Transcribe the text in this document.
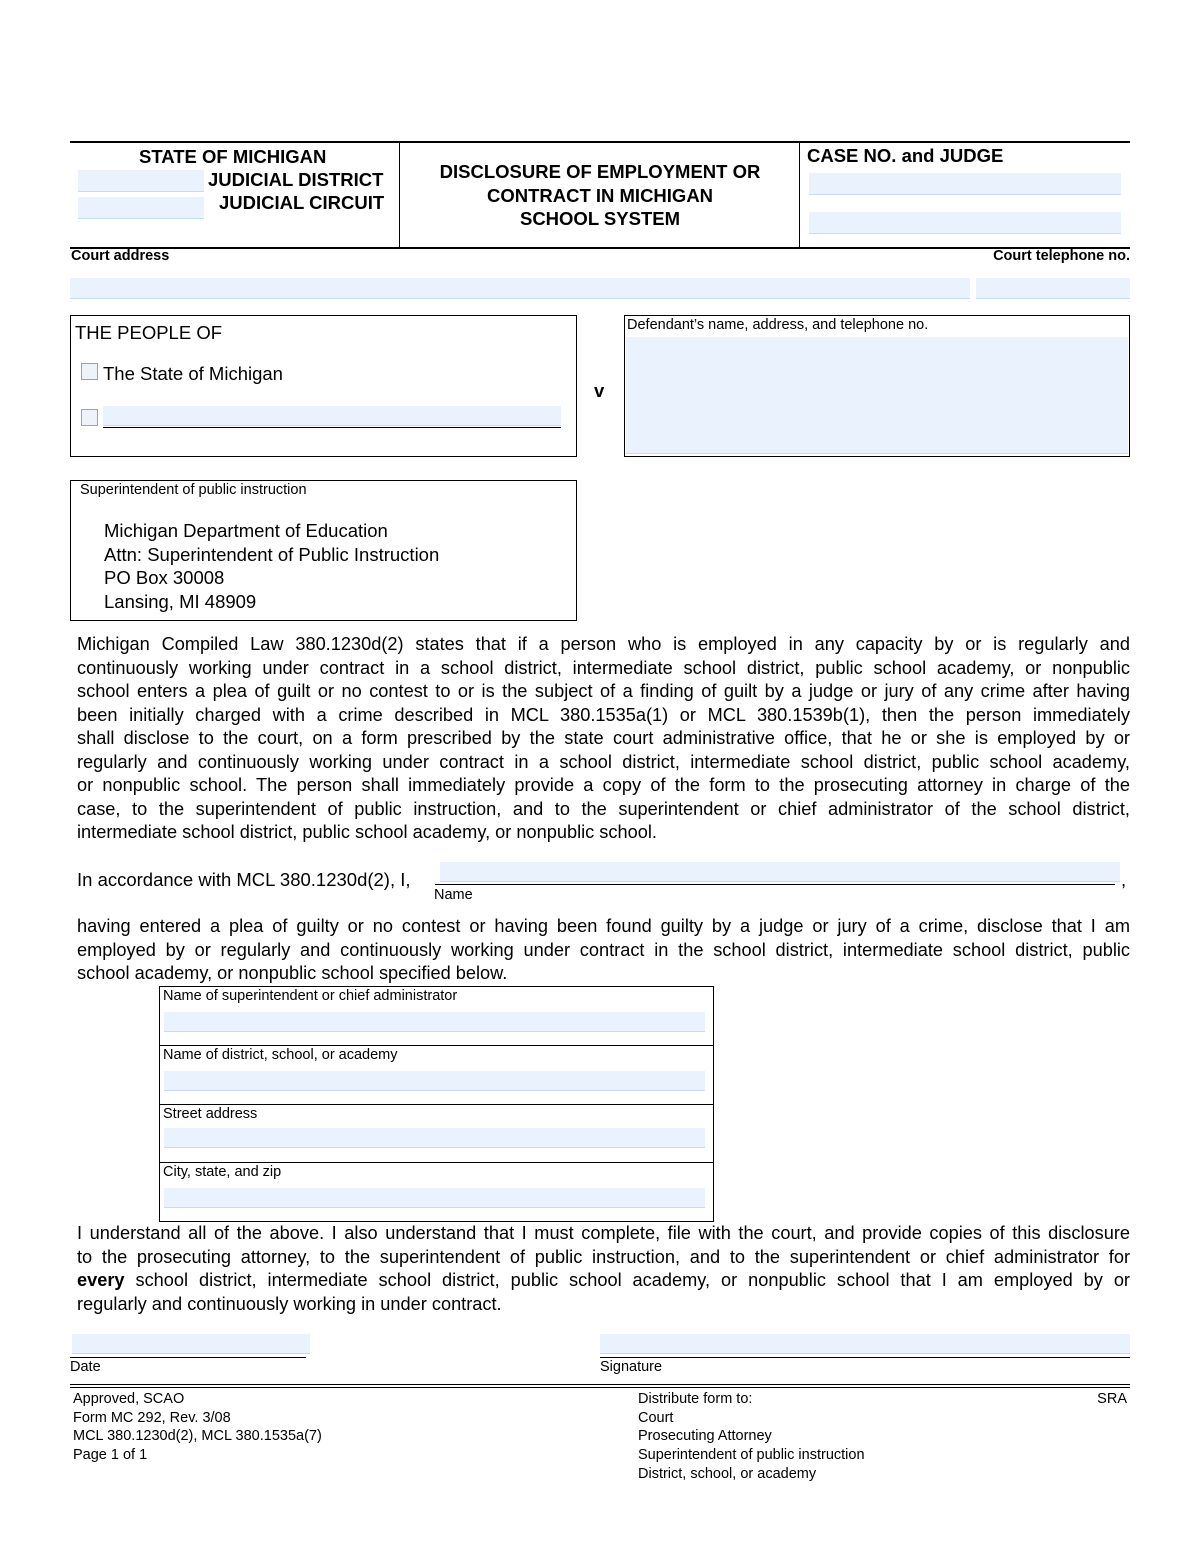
STATE OF MICHIGAN
JUDICIAL DISTRICT
JUDICIAL CIRCUIT
DISCLOSURE OF EMPLOYMENT OR
CONTRACT IN MICHIGAN
SCHOOL SYSTEM
CASE NO. and JUDGE
Court address	Court telephone no.
THE PEOPLE OF
The State of Michigan
v
Defendant’s name, address, and telephone no.
Superintendent of public instruction
Michigan Department of Education
Attn: Superintendent of Public Instruction
PO Box 30008
Lansing, MI 48909
Michigan Compiled Law 380.1230d(2) states that if a person who is employed in any capacity by or is regularly and
continuously working under contract in a school district, intermediate school district, public school academy, or nonpublic
school enters a plea of guilt or no contest to or is the subject of a finding of guilt by a judge or jury of any crime after having
been initially charged with a crime described in MCL 380.1535a(1) or MCL 380.1539b(1), then the person immediately
shall disclose to the court, on a form prescribed by the state court administrative office, that he or she is employed by or
regularly and continuously working under contract in a school district, intermediate school district, public school academy,
or nonpublic school. The person shall immediately provide a copy of the form to the prosecuting attorney in charge of the
case, to the superintendent of public instruction, and to the superintendent or chief administrator of the school district,
intermediate school district, public school academy, or nonpublic school.
In accordance with MCL 380.1230d(2), I,	,
Name
having entered a plea of guilty or no contest or having been found guilty by a judge or jury of a crime, disclose that I am
employed by or regularly and continuously working under contract in the school district, intermediate school district, public
school academy, or nonpublic school specified below.
Name of superintendent or chief administrator
Name of district, school, or academy
Street address
City, state, and zip
I understand all of the above. I also understand that I must complete, file with the court, and provide copies of this disclosure
to the prosecuting attorney, to the superintendent of public instruction, and to the superintendent or chief administrator for
every school district, intermediate school district, public school academy, or nonpublic school that I am employed by or
regularly and continuously working in under contract.
Date	Signature
Approved, SCAO
Form MC 292, Rev. 3/08
MCL 380.1230d(2), MCL 380.1535a(7)
Page 1 of 1
Distribute form to:
Court
Prosecuting Attorney
Superintendent of public instruction
District, school, or academy
SRA
